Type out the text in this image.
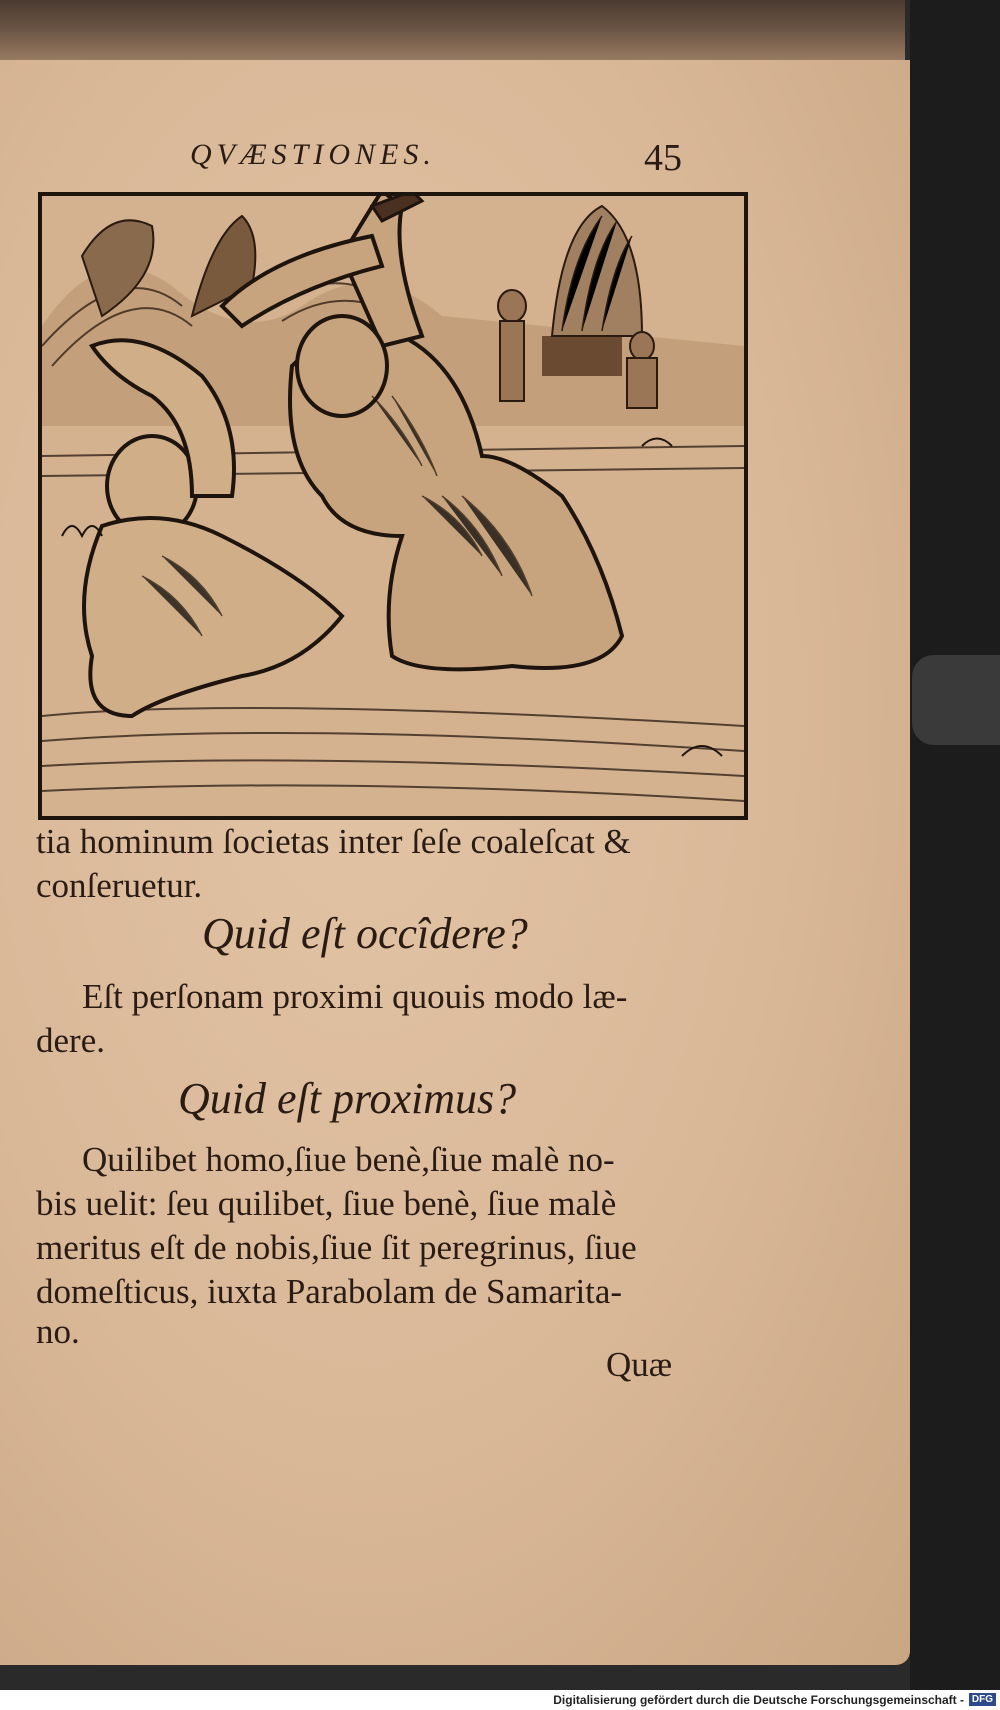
QVÆSTIONES.	45
tia hominum ſocietas inter ſeſe coaleſcat &
conſeruetur.
Quid eſt occîdere?
Eſt perſonam proximi quouis modo læ-
dere.
Quid eſt proximus?
Quilibet homo,ſiue benè,ſiue malè no-
bis uelit: ſeu quilibet, ſiue benè, ſiue malè
meritus eſt de nobis,ſiue ſit peregrinus, ſiue
domeſticus, iuxta Parabolam de Samarita-
no.
Quæ
Digitalisierung gefördert durch die Deutsche Forschungsgemeinschaft - DFG
